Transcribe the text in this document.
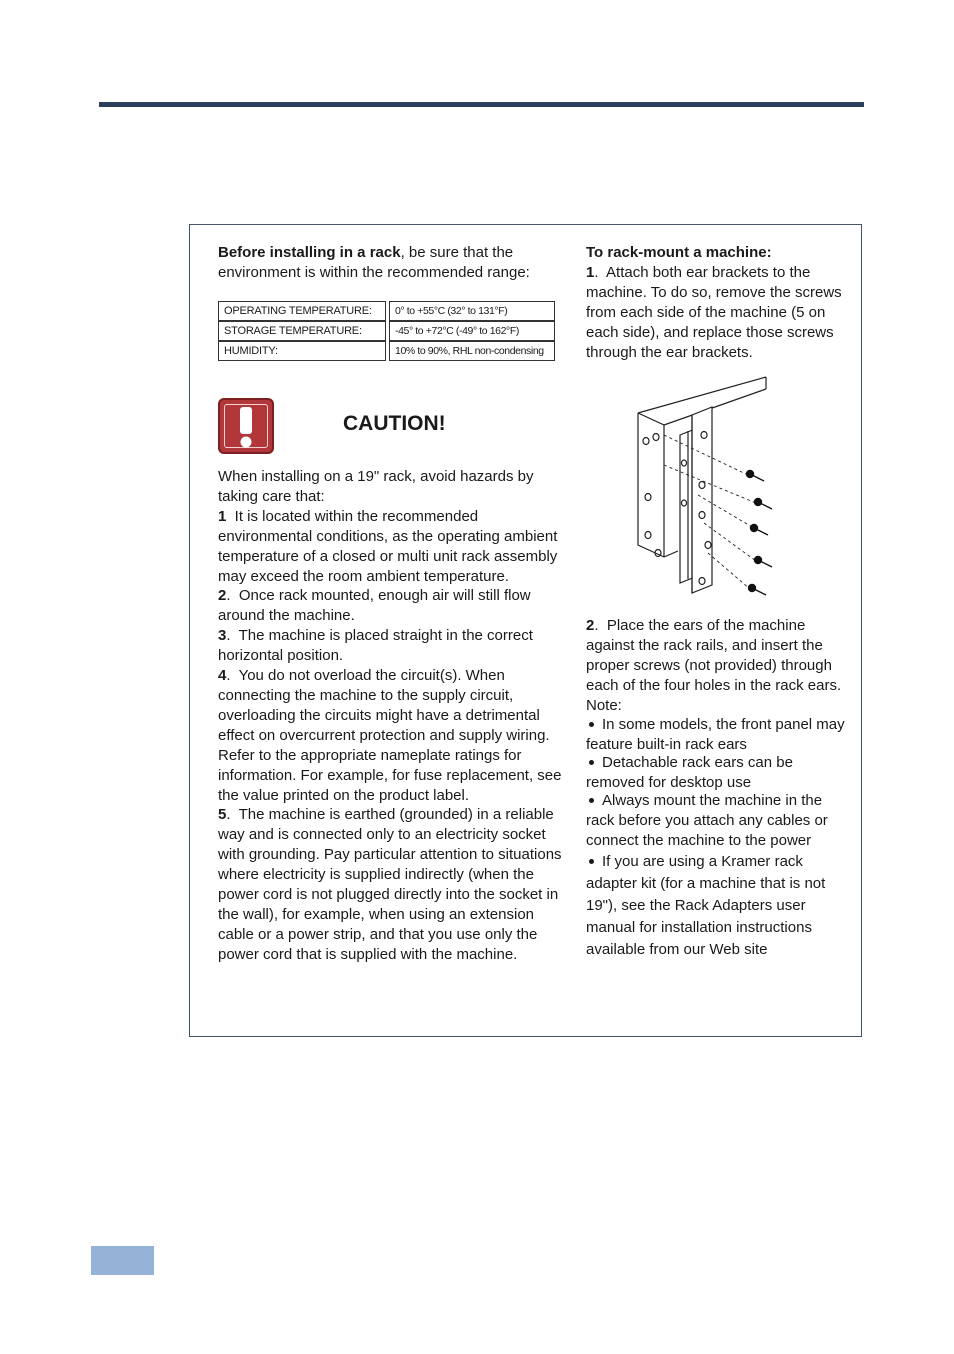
Before installing in a rack, be sure that the environment is within the recommended range:

OPERATING TEMPERATURE:	0° to +55°C (32° to 131°F)
STORAGE TEMPERATURE:	-45° to +72°C (-49° to 162°F)
HUMIDITY:	10% to 90%, RHL non-condensing
CAUTION!

When installing on a 19" rack, avoid hazards by taking care that:

1  It is located within the recommended environmental conditions, as the operating ambient temperature of a closed or multi unit rack assembly may exceed the room ambient temperature.

2.  Once rack mounted, enough air will still flow around the machine.

3.  The machine is placed straight in the correct horizontal position.

4.  You do not overload the circuit(s). When connecting the machine to the supply circuit, overloading the circuits might have a detrimental effect on overcurrent protection and supply wiring. Refer to the appropriate nameplate ratings for information. For example, for fuse replacement, see the value printed on the product label.

5.  The machine is earthed (grounded) in a reliable way and is connected only to an electricity socket with grounding. Pay particular attention to situations where electricity is supplied indirectly (when the power cord is not plugged directly into the socket in the wall), for example, when using an extension cable or a power strip, and that you use only the power cord that is supplied with the machine.

To rack-mount a machine:

1.  Attach both ear brackets to the machine. To do so, remove the screws from each side of the machine (5 on each side), and replace those screws through the ear brackets.

2.  Place the ears of the machine against the rack rails, and insert the proper screws (not provided) through each of the four holes in the rack ears.

Note:

In some models, the front panel may feature built-in rack ears

Detachable rack ears can be removed for desktop use

Always mount the machine in the rack before you attach any cables or connect the machine to the power

If you are using a Kramer rack adapter kit (for a machine that is not 19"), see the Rack Adapters user manual for installation instructions available from our Web site
